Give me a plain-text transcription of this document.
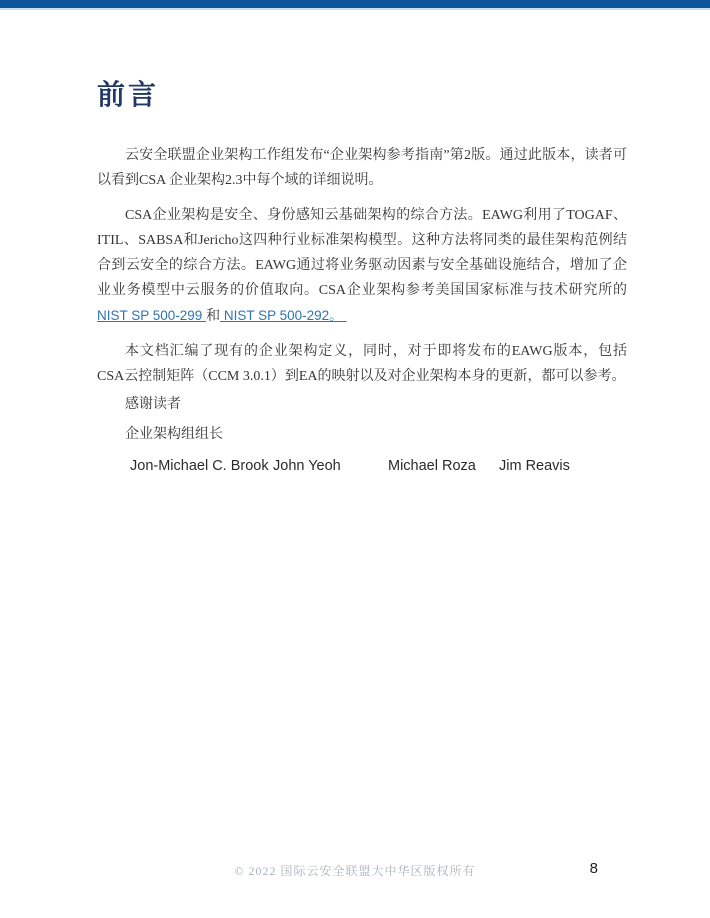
前言

云安全联盟企业架构工作组发布“企业架构参考指南”第2版。通过此版本，读者可以看到CSA 企业架构2.3中每个域的详细说明。

CSA企业架构是安全、身份感知云基础架构的综合方法。EAWG利用了TOGAF、ITIL、SABSA和Jericho这四种行业标准架构模型。这种方法将同类的最佳架构范例结合到云安全的综合方法。EAWG通过将业务驱动因素与安全基础设施结合，增加了企业业务模型中云服务的价值取向。CSA企业架构参考美国国家标准与技术研究所的NIST SP 500-299 和 NIST SP 500-292。

本文档汇编了现有的企业架构定义，同时，对于即将发布的EAWG版本，包括CSA云控制矩阵（CCM 3.0.1）到EA的映射以及对企业架构本身的更新，都可以参考。

感谢读者

企业架构组组长

Jon-Michael C. Brook John Yeoh	Michael Roza	Jim Reavis
© 2022 国际云安全联盟大中华区版权所有	8
